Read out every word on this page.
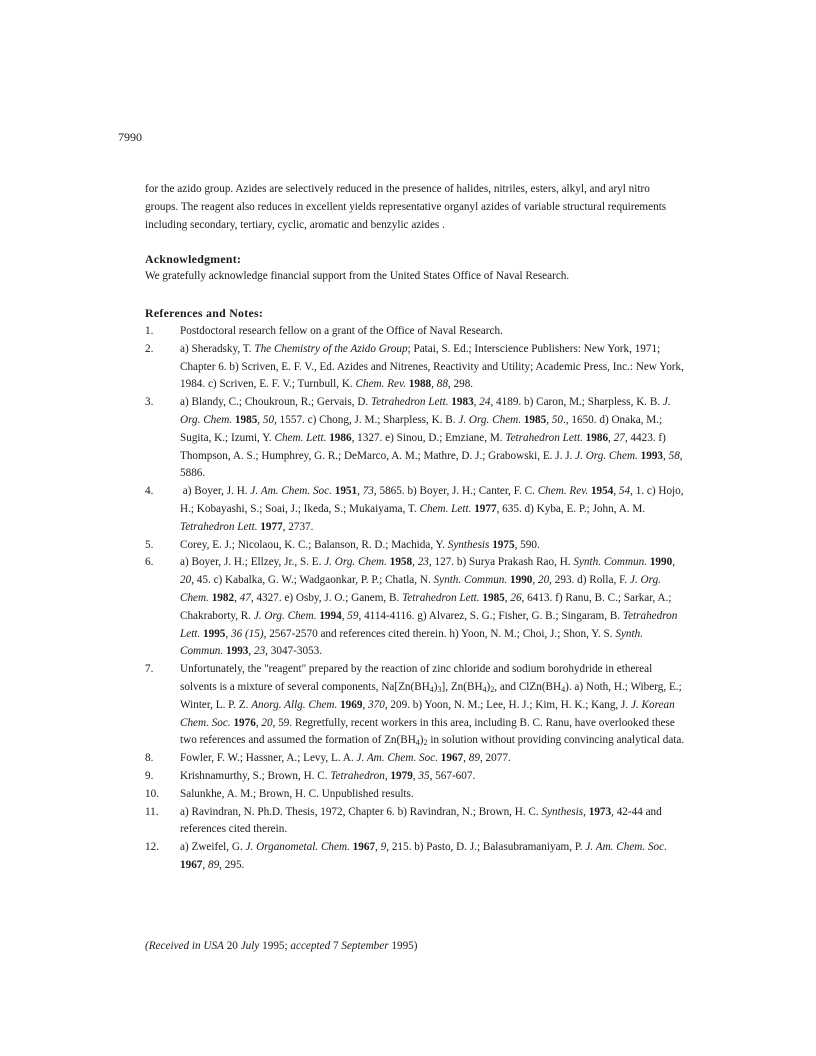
7990
for the azido group. Azides are selectively reduced in the presence of halides, nitriles, esters, alkyl, and aryl nitro groups. The reagent also reduces in excellent yields representative organyl azides of variable structural requirements including secondary, tertiary, cyclic, aromatic and benzylic azides .
Acknowledgment:
We gratefully acknowledge financial support from the United States Office of Naval Research.
References and Notes:
1.	Postdoctoral research fellow on a grant of the Office of Naval Research.
2.	a) Sheradsky, T. The Chemistry of the Azido Group; Patai, S. Ed.; Interscience Publishers: New York, 1971; Chapter 6. b) Scriven, E. F. V., Ed. Azides and Nitrenes, Reactivity and Utility; Academic Press, Inc.: New York, 1984. c) Scriven, E. F. V.; Turnbull, K. Chem. Rev. 1988, 88, 298.
3.	a) Blandy, C.; Choukroun, R.; Gervais, D. Tetrahedron Lett. 1983, 24, 4189. b) Caron, M.; Sharpless, K. B. J. Org. Chem. 1985, 50, 1557. c) Chong, J. M.; Sharpless, K. B. J. Org. Chem. 1985, 50., 1650. d) Onaka, M.; Sugita, K.; Izumi, Y. Chem. Lett. 1986, 1327. e) Sinou, D.; Emziane, M. Tetrahedron Lett. 1986, 27, 4423. f) Thompson, A. S.; Humphrey, G. R.; DeMarco, A. M.; Mathre, D. J.; Grabowski, E. J. J. J. Org. Chem. 1993, 58, 5886.
4.	a) Boyer, J. H. J. Am. Chem. Soc. 1951, 73, 5865. b) Boyer, J. H.; Canter, F. C. Chem. Rev. 1954, 54, 1. c) Hojo, H.; Kobayashi, S.; Soai, J.; Ikeda, S.; Mukaiyama, T. Chem. Lett. 1977, 635. d) Kyba, E. P.; John, A. M. Tetrahedron Lett. 1977, 2737.
5.	Corey, E. J.; Nicolaou, K. C.; Balanson, R. D.; Machida, Y. Synthesis 1975, 590.
6.	a) Boyer, J. H.; Ellzey, Jr., S. E. J. Org. Chem. 1958, 23, 127. b) Surya Prakash Rao, H. Synth. Commun. 1990, 20, 45. c) Kabalka, G. W.; Wadgaonkar, P. P.; Chatla, N. Synth. Commun. 1990, 20, 293. d) Rolla, F. J. Org. Chem. 1982, 47, 4327. e) Osby, J. O.; Ganem, B. Tetrahedron Lett. 1985, 26, 6413. f) Ranu, B. C.; Sarkar, A.; Chakraborty, R. J. Org. Chem. 1994, 59, 4114-4116. g) Alvarez, S. G.; Fisher, G. B.; Singaram, B. Tetrahedron Lett. 1995, 36 (15), 2567-2570 and references cited therein. h) Yoon, N. M.; Choi, J.; Shon, Y. S. Synth. Commun. 1993, 23, 3047-3053.
7.	Unfortunately, the "reagent" prepared by the reaction of zinc chloride and sodium borohydride in ethereal solvents is a mixture of several components, $Na[Zn(BH_4)_3]$, $Zn(BH_4)_2$, and $ClZn(BH_4)$. a) Noth, H.; Wiberg, E.; Winter, L. P. Z. Anorg. Allg. Chem. 1969, 370, 209. b) Yoon, N. M.; Lee, H. J.; Kim, H. K.; Kang, J. J. Korean Chem. Soc. 1976, 20, 59. Regretfully, recent workers in this area, including B. C. Ranu, have overlooked these two references and assumed the formation of $Zn(BH_4)_2$ in solution without providing convincing analytical data.
8.	Fowler, F. W.; Hassner, A.; Levy, L. A. J. Am. Chem. Soc. 1967, 89, 2077.
9.	Krishnamurthy, S.; Brown, H. C. Tetrahedron, 1979, 35, 567-607.
10.	Salunkhe, A. M.; Brown, H. C. Unpublished results.
11.	a) Ravindran, N. Ph.D. Thesis, 1972, Chapter 6. b) Ravindran, N.; Brown, H. C. Synthesis, 1973, 42-44 and references cited therein.
12.	a) Zweifel, G. J. Organometal. Chem. 1967, 9, 215. b) Pasto, D. J.; Balasubramaniyam, P. J. Am. Chem. Soc. 1967, 89, 295.
(Received in USA 20 July 1995; accepted 7 September 1995)
